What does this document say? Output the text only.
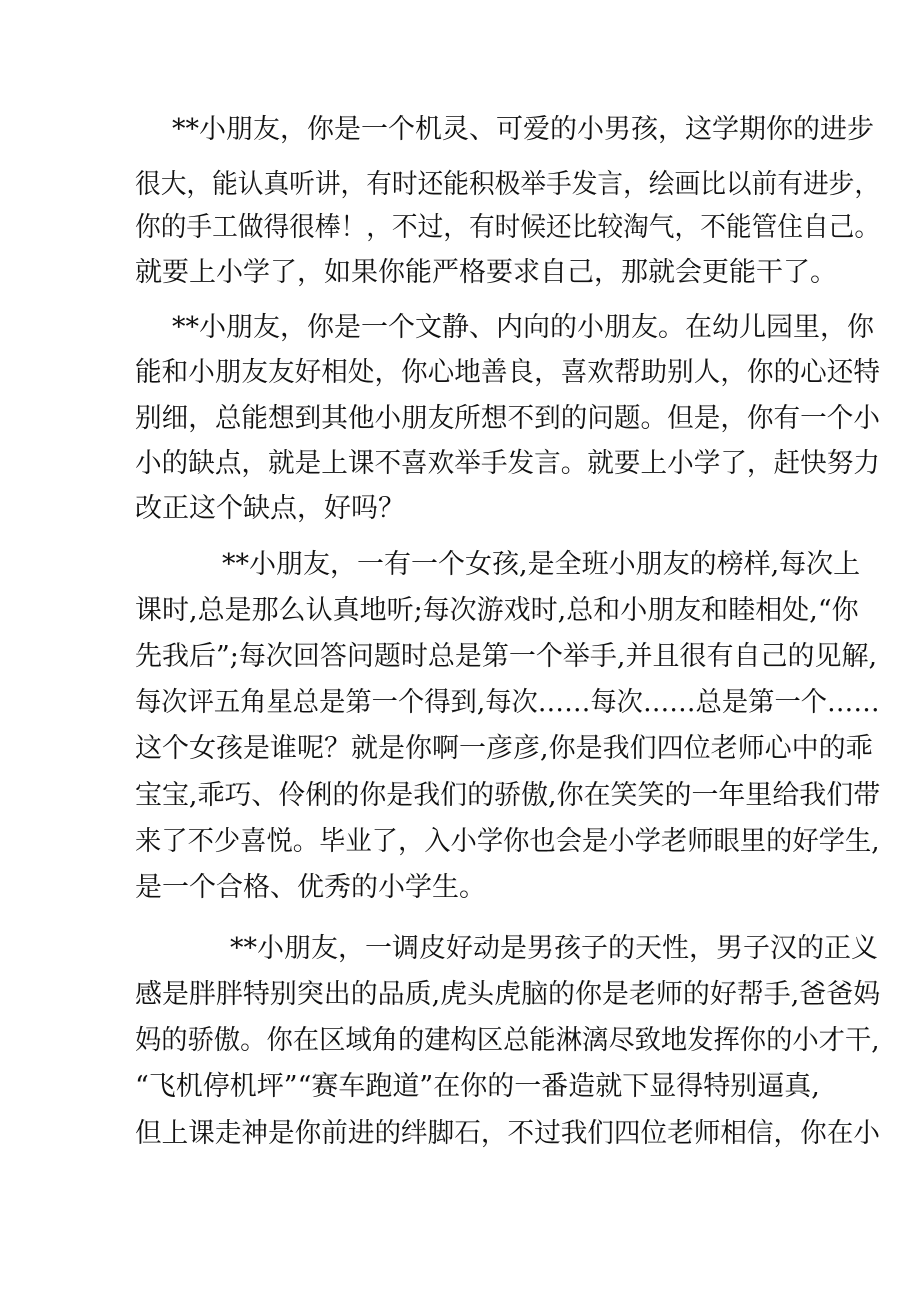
**小朋友，你是一个机灵、可爱的小男孩，这学期你的进步

很大，能认真听讲，有时还能积极举手发言，绘画比以前有进步，

你的手工做得很棒！，不过，有时候还比较淘气，不能管住自己。

就要上小学了，如果你能严格要求自己，那就会更能干了。

**小朋友，你是一个文静、内向的小朋友。在幼儿园里，你

能和小朋友友好相处，你心地善良，喜欢帮助别人，你的心还特

别细，总能想到其他小朋友所想不到的问题。但是，你有一个小

小的缺点，就是上课不喜欢举手发言。就要上小学了，赶快努力

改正这个缺点，好吗？

**小朋友，一有一个女孩,是全班小朋友的榜样,每次上

课时,总是那么认真地听;每次游戏时,总和小朋友和睦相处,“你

先我后”;每次回答问题时总是第一个举手,并且很有自己的见解,

每次评五角星总是第一个得到,每次……每次……总是第一个……

这个女孩是谁呢？就是你啊一彦彦,你是我们四位老师心中的乖

宝宝,乖巧、伶俐的你是我们的骄傲,你在笑笑的一年里给我们带

来了不少喜悦。毕业了，入小学你也会是小学老师眼里的好学生,

是一个合格、优秀的小学生。

**小朋友，一调皮好动是男孩子的天性，男子汉的正义

感是胖胖特别突出的品质,虎头虎脑的你是老师的好帮手,爸爸妈

妈的骄傲。你在区域角的建构区总能淋漓尽致地发挥你的小才干,

“飞机停机坪”“赛车跑道”在你的一番造就下显得特别逼真,

但上课走神是你前进的绊脚石，不过我们四位老师相信，你在小
